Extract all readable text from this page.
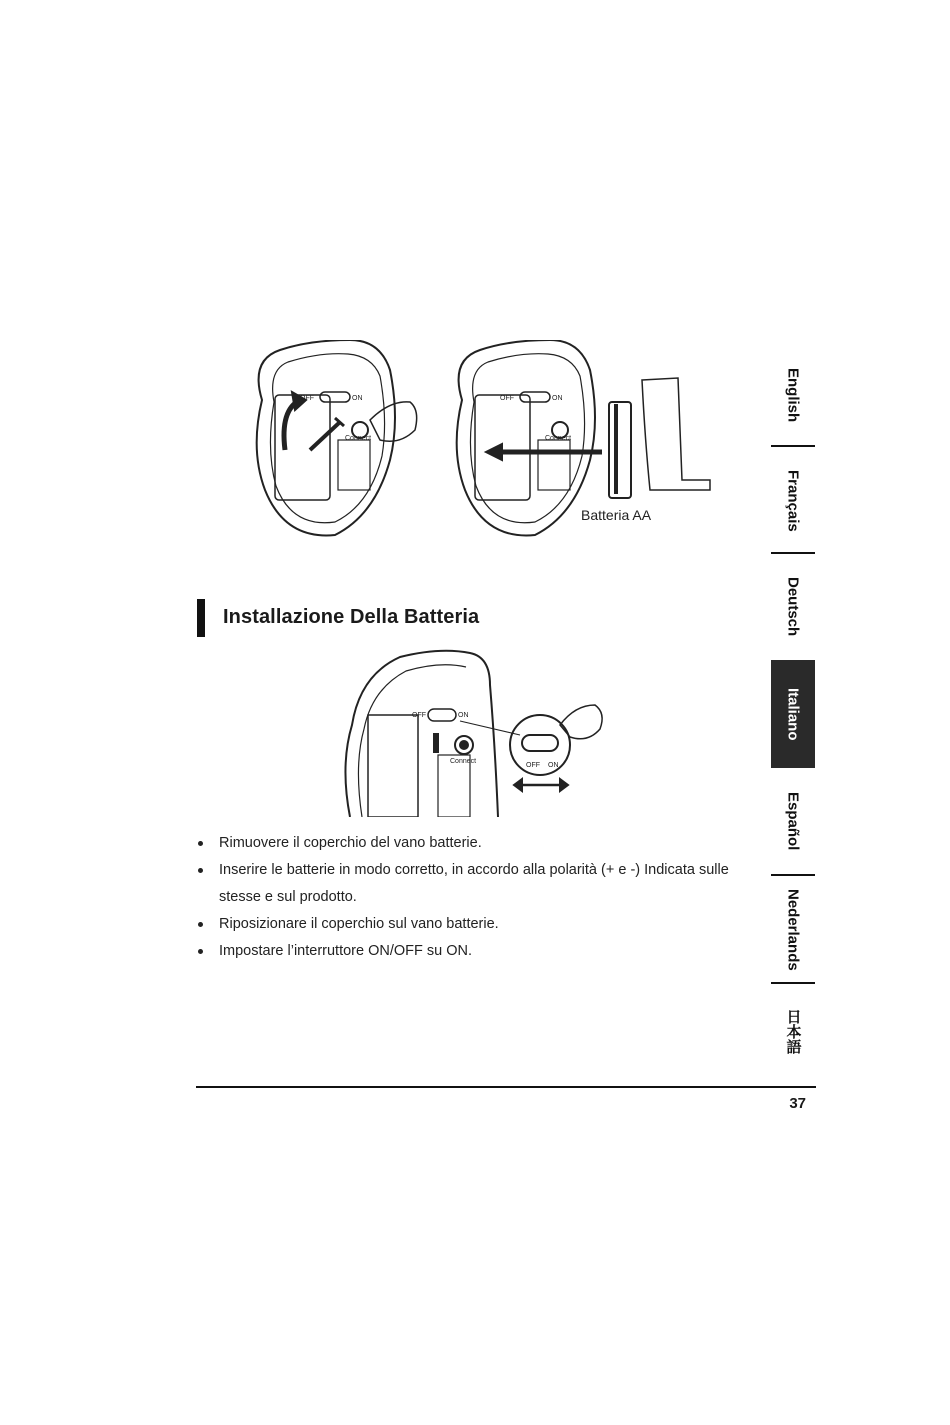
OFF	ON
Connect
OFF	ON
Connect
Batteria AA
Installazione Della Batteria
OFF	ON
Connect
OFF ON
Rimuovere il coperchio del vano batterie.
Inserire le batterie in modo corretto, in accordo alla polarità (+ e -) Indicata sulle stesse e sul prodotto.
Riposizionare il coperchio sul vano batterie.
Impostare l’interruttore ON/OFF su ON.
English
Français
Deutsch
Italiano
Español
Nederlands
日本語
37
